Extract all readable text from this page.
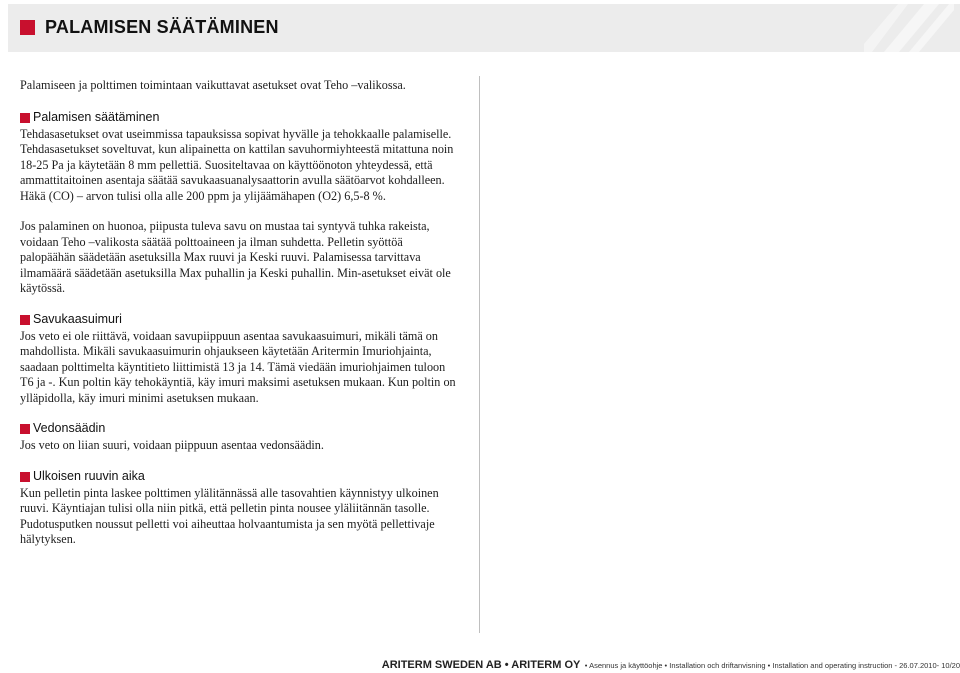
PALAMISEN SÄÄTÄMINEN

Palamiseen ja polttimen toimintaan vaikuttavat asetukset ovat Teho –valikossa.

Palamisen säätäminen

Tehdasasetukset ovat useimmissa tapauksissa sopivat hyvälle ja tehokkaalle palamiselle. Tehdasasetukset soveltuvat, kun alipainetta on kattilan savuhormiyhteestä mitattuna noin 18-25 Pa ja käytetään 8 mm pellettiä. Suositeltavaa on käyttöönoton yhteydessä, että ammattitaitoinen asentaja säätää savukaasuanalysaattorin avulla säätöarvot kohdalleen. Häkä (CO) – arvon tulisi olla alle 200 ppm ja ylijäämähapen (O2) 6,5-8 %.

Jos palaminen on huonoa, piipusta tuleva savu on mustaa tai syntyvä tuhka rakeista, voidaan Teho –valikosta säätää polttoaineen ja ilman suhdetta. Pelletin syöttöä palopäähän säädetään asetuksilla Max ruuvi ja Keski ruuvi. Palamisessa tarvittava ilmamäärä säädetään asetuksilla Max puhallin ja Keski puhallin. Min-asetukset eivät ole käytössä.

Savukaasuimuri

Jos veto ei ole riittävä, voidaan savupiippuun asentaa savukaasuimuri, mikäli tämä on mahdollista. Mikäli savukaasuimurin ohjaukseen käytetään Aritermin Imuriohjainta, saadaan polttimelta käyntitieto liittimistä 13 ja 14. Tämä viedään imuriohjaimen tuloon T6 ja -. Kun poltin käy tehokäyntiä, käy imuri maksimi asetuksen mukaan. Kun poltin on ylläpidolla, käy imuri minimi asetuksen mukaan.

Vedonsäädin

Jos veto on liian suuri, voidaan piippuun asentaa vedonsäädin.

Ulkoisen ruuvin aika

Kun pelletin pinta laskee polttimen ylälitännässä alle tasovahtien käynnistyy ulkoinen ruuvi. Käyntiajan tulisi olla niin pitkä, että pelletin pinta nousee yläliitännän tasolle. Pudotusputken noussut pelletti voi aiheuttaa holvaantumista ja sen myötä pellettivaje hälytyksen.

ARITERM SWEDEN AB • ARITERM OY • Asennus ja käyttöohje • Installation och driftanvisning • Installation and operating instruction - 26.07.2010- 10/20
